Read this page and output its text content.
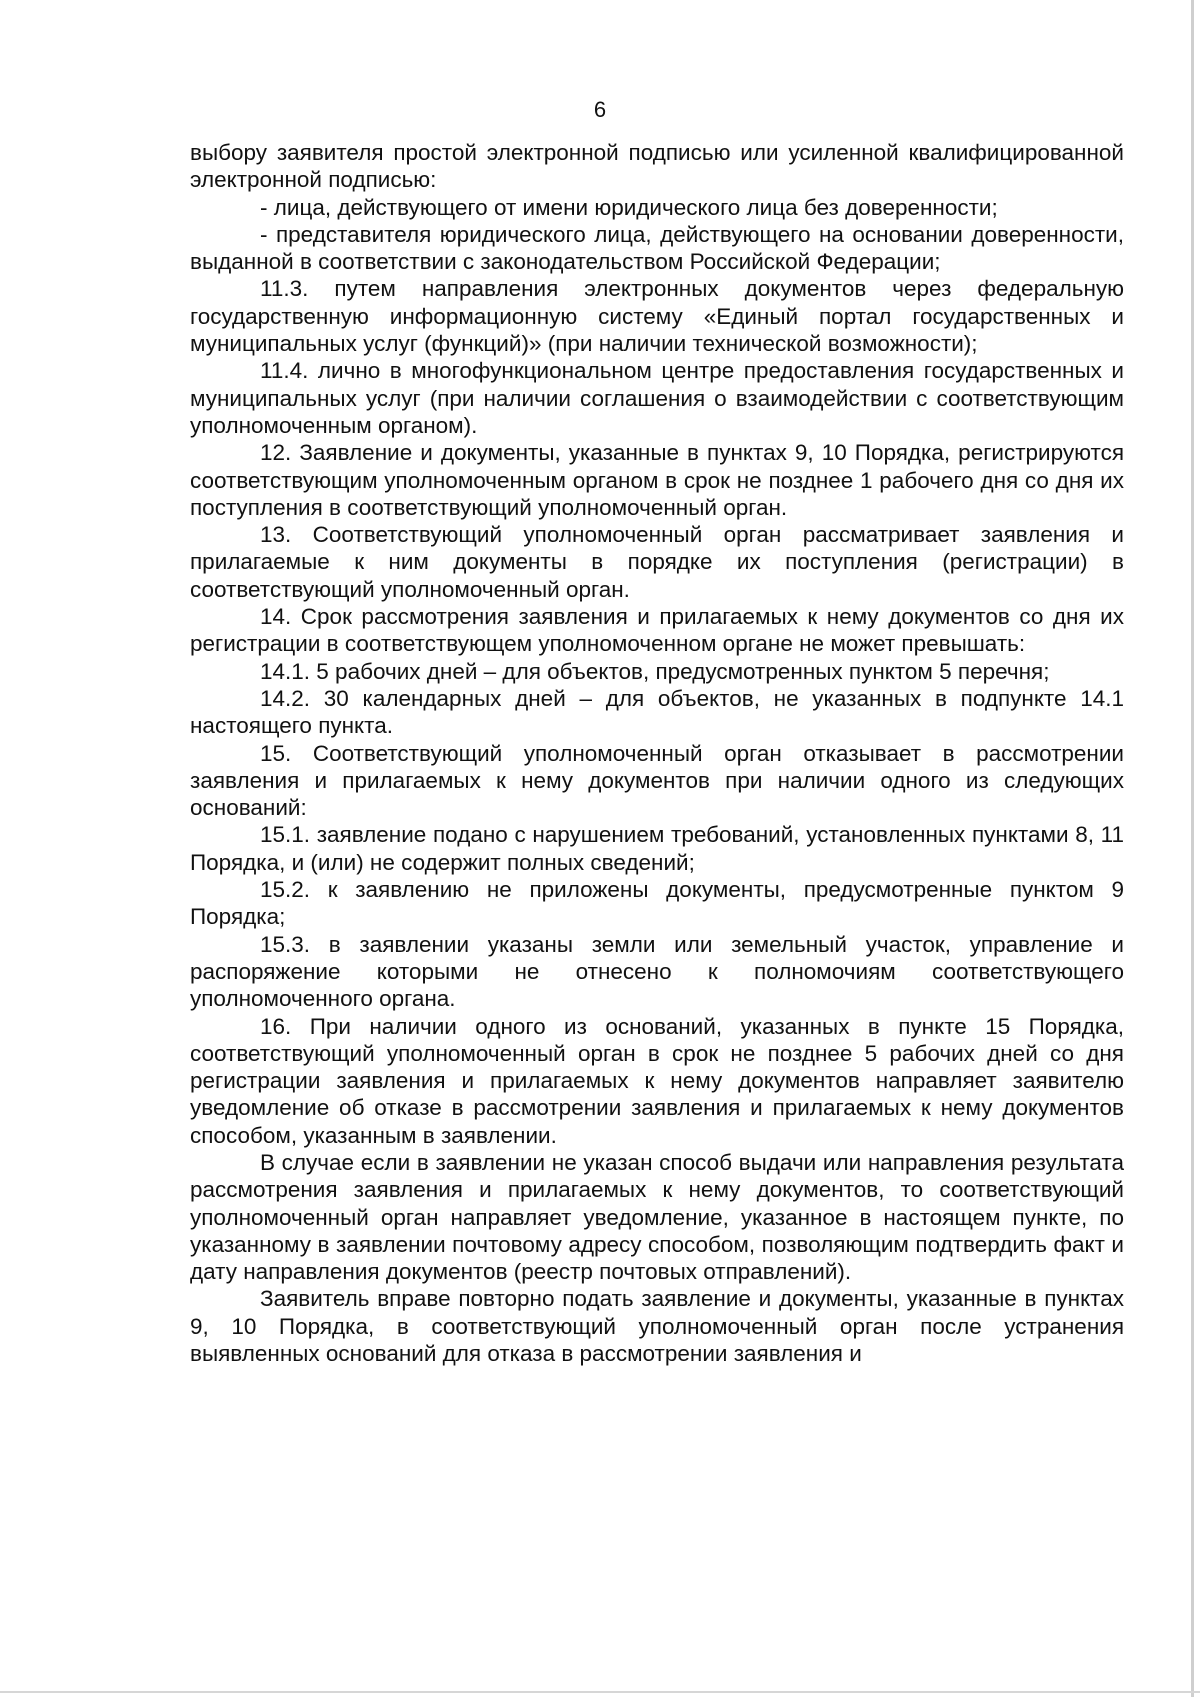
6

выбору заявителя простой электронной подписью или усиленной квалифицированной электронной подписью:

- лица, действующего от имени юридического лица без доверенности;

- представителя юридического лица, действующего на основании доверенности, выданной в соответствии с законодательством Российской Федерации;

11.3. путем направления электронных документов через федеральную государственную информационную систему «Единый портал государственных и муниципальных услуг (функций)» (при наличии технической возможности);

11.4. лично в многофункциональном центре предоставления государственных и муниципальных услуг (при наличии соглашения о взаимодействии с соответствующим уполномоченным органом).

12. Заявление и документы, указанные в пунктах 9, 10 Порядка, регистрируются соответствующим уполномоченным органом в срок не позднее 1 рабочего дня со дня их поступления в соответствующий уполномоченный орган.

13. Соответствующий уполномоченный орган рассматривает заявления и прилагаемые к ним документы в порядке их поступления (регистрации) в соответствующий уполномоченный орган.

14. Срок рассмотрения заявления и прилагаемых к нему документов со дня их регистрации в соответствующем уполномоченном органе не может превышать:

14.1. 5 рабочих дней – для объектов, предусмотренных пунктом 5 перечня;

14.2. 30 календарных дней – для объектов, не указанных в подпункте 14.1 настоящего пункта.

15. Соответствующий уполномоченный орган отказывает в рассмотрении заявления и прилагаемых к нему документов при наличии одного из следующих оснований:

15.1. заявление подано с нарушением требований, установленных пунктами 8, 11 Порядка, и (или) не содержит полных сведений;

15.2. к заявлению не приложены документы, предусмотренные пунктом 9 Порядка;

15.3. в заявлении указаны земли или земельный участок, управление и распоряжение которыми не отнесено к полномочиям соответствующего уполномоченного органа.

16. При наличии одного из оснований, указанных в пункте 15 Порядка, соответствующий уполномоченный орган в срок не позднее 5 рабочих дней со дня регистрации заявления и прилагаемых к нему документов направляет заявителю уведомление об отказе в рассмотрении заявления и прилагаемых к нему документов способом, указанным в заявлении.

В случае если в заявлении не указан способ выдачи или направления результата рассмотрения заявления и прилагаемых к нему документов, то соответствующий уполномоченный орган направляет уведомление, указанное в настоящем пункте, по указанному в заявлении почтовому адресу способом, позволяющим подтвердить факт и дату направления документов (реестр почтовых отправлений).

Заявитель вправе повторно подать заявление и документы, указанные в пунктах 9, 10 Порядка, в соответствующий уполномоченный орган после устранения выявленных оснований для отказа в рассмотрении заявления и
